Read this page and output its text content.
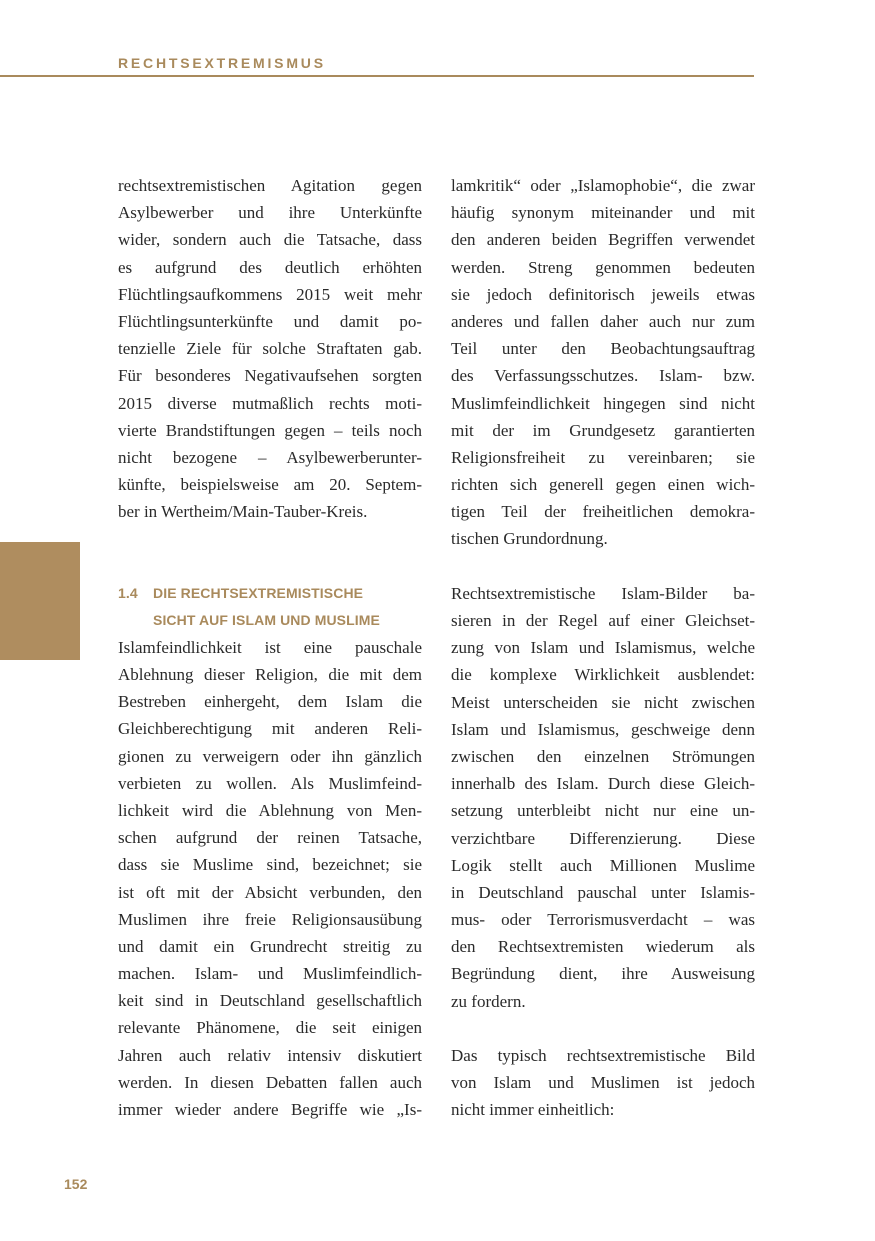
RECHTSEXTREMISMUS
rechtsextremistischen Agitation gegen
Asylbewerber und ihre Unterkünfte
wider, sondern auch die Tatsache, dass
es aufgrund des deutlich erhöhten
Flüchtlingsaufkommens 2015 weit mehr
Flüchtlingsunterkünfte und damit po-
tenzielle Ziele für solche Straftaten gab.
Für besonderes Negativaufsehen sorgten
2015 diverse mutmaßlich rechts moti-
vierte Brandstiftungen gegen – teils noch
nicht bezogene – Asylbewerberunter-
künfte, beispielsweise am 20. Septem-
ber in Wertheim/Main-Tauber-Kreis.
1.4 DIE RECHTSEXTREMISTISCHE
SICHT AUF ISLAM UND MUSLIME
Islamfeindlichkeit ist eine pauschale
Ablehnung dieser Religion, die mit dem
Bestreben einhergeht, dem Islam die
Gleichberechtigung mit anderen Reli-
gionen zu verweigern oder ihn gänzlich
verbieten zu wollen. Als Muslimfeind-
lichkeit wird die Ablehnung von Men-
schen aufgrund der reinen Tatsache,
dass sie Muslime sind, bezeichnet; sie
ist oft mit der Absicht verbunden, den
Muslimen ihre freie Religionsausübung
und damit ein Grundrecht streitig zu
machen. Islam- und Muslimfeindlich-
keit sind in Deutschland gesellschaftlich
relevante Phänomene, die seit einigen
Jahren auch relativ intensiv diskutiert
werden. In diesen Debatten fallen auch
immer wieder andere Begriffe wie „Is-
lamkritik“ oder „Islamophobie“, die zwar
häufig synonym miteinander und mit
den anderen beiden Begriffen verwendet
werden. Streng genommen bedeuten
sie jedoch definitorisch jeweils etwas
anderes und fallen daher auch nur zum
Teil unter den Beobachtungsauftrag
des Verfassungsschutzes. Islam- bzw.
Muslimfeindlichkeit hingegen sind nicht
mit der im Grundgesetz garantierten
Religionsfreiheit zu vereinbaren; sie
richten sich generell gegen einen wich-
tigen Teil der freiheitlichen demokra-
tischen Grundordnung.
Rechtsextremistische Islam-Bilder ba-
sieren in der Regel auf einer Gleichset-
zung von Islam und Islamismus, welche
die komplexe Wirklichkeit ausblendet:
Meist unterscheiden sie nicht zwischen
Islam und Islamismus, geschweige denn
zwischen den einzelnen Strömungen
innerhalb des Islam. Durch diese Gleich-
setzung unterbleibt nicht nur eine un-
verzichtbare Differenzierung. Diese
Logik stellt auch Millionen Muslime
in Deutschland pauschal unter Islamis-
mus- oder Terrorismusverdacht – was
den Rechtsextremisten wiederum als
Begründung dient, ihre Ausweisung
zu fordern.
Das typisch rechtsextremistische Bild
von Islam und Muslimen ist jedoch
nicht immer einheitlich:
152
